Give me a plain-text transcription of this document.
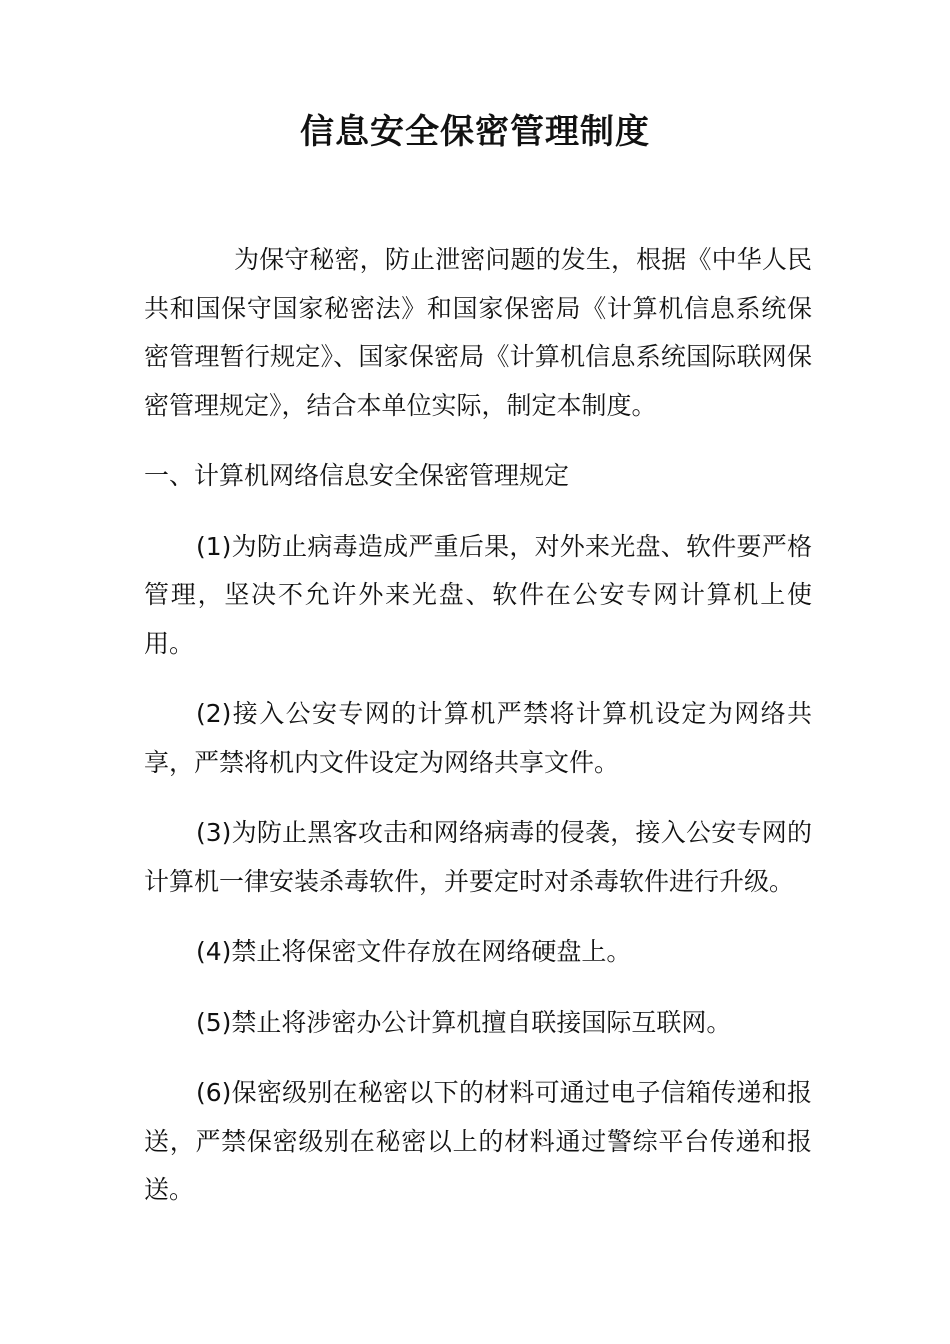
信息安全保密管理制度

为保守秘密，防止泄密问题的发生，根据《中华人民共和国保守国家秘密法》和国家保密局《计算机信息系统保密管理暂行规定》、国家保密局《计算机信息系统国际联网保密管理规定》，结合本单位实际，制定本制度。

一、计算机网络信息安全保密管理规定

(1)为防止病毒造成严重后果，对外来光盘、软件要严格管理，坚决不允许外来光盘、软件在公安专网计算机上使用。

(2)接入公安专网的计算机严禁将计算机设定为网络共享，严禁将机内文件设定为网络共享文件。

(3)为防止黑客攻击和网络病毒的侵袭，接入公安专网的计算机一律安装杀毒软件，并要定时对杀毒软件进行升级。

(4)禁止将保密文件存放在网络硬盘上。

(5)禁止将涉密办公计算机擅自联接国际互联网。

(6)保密级别在秘密以下的材料可通过电子信箱传递和报送，严禁保密级别在秘密以上的材料通过警综平台传递和报送。
